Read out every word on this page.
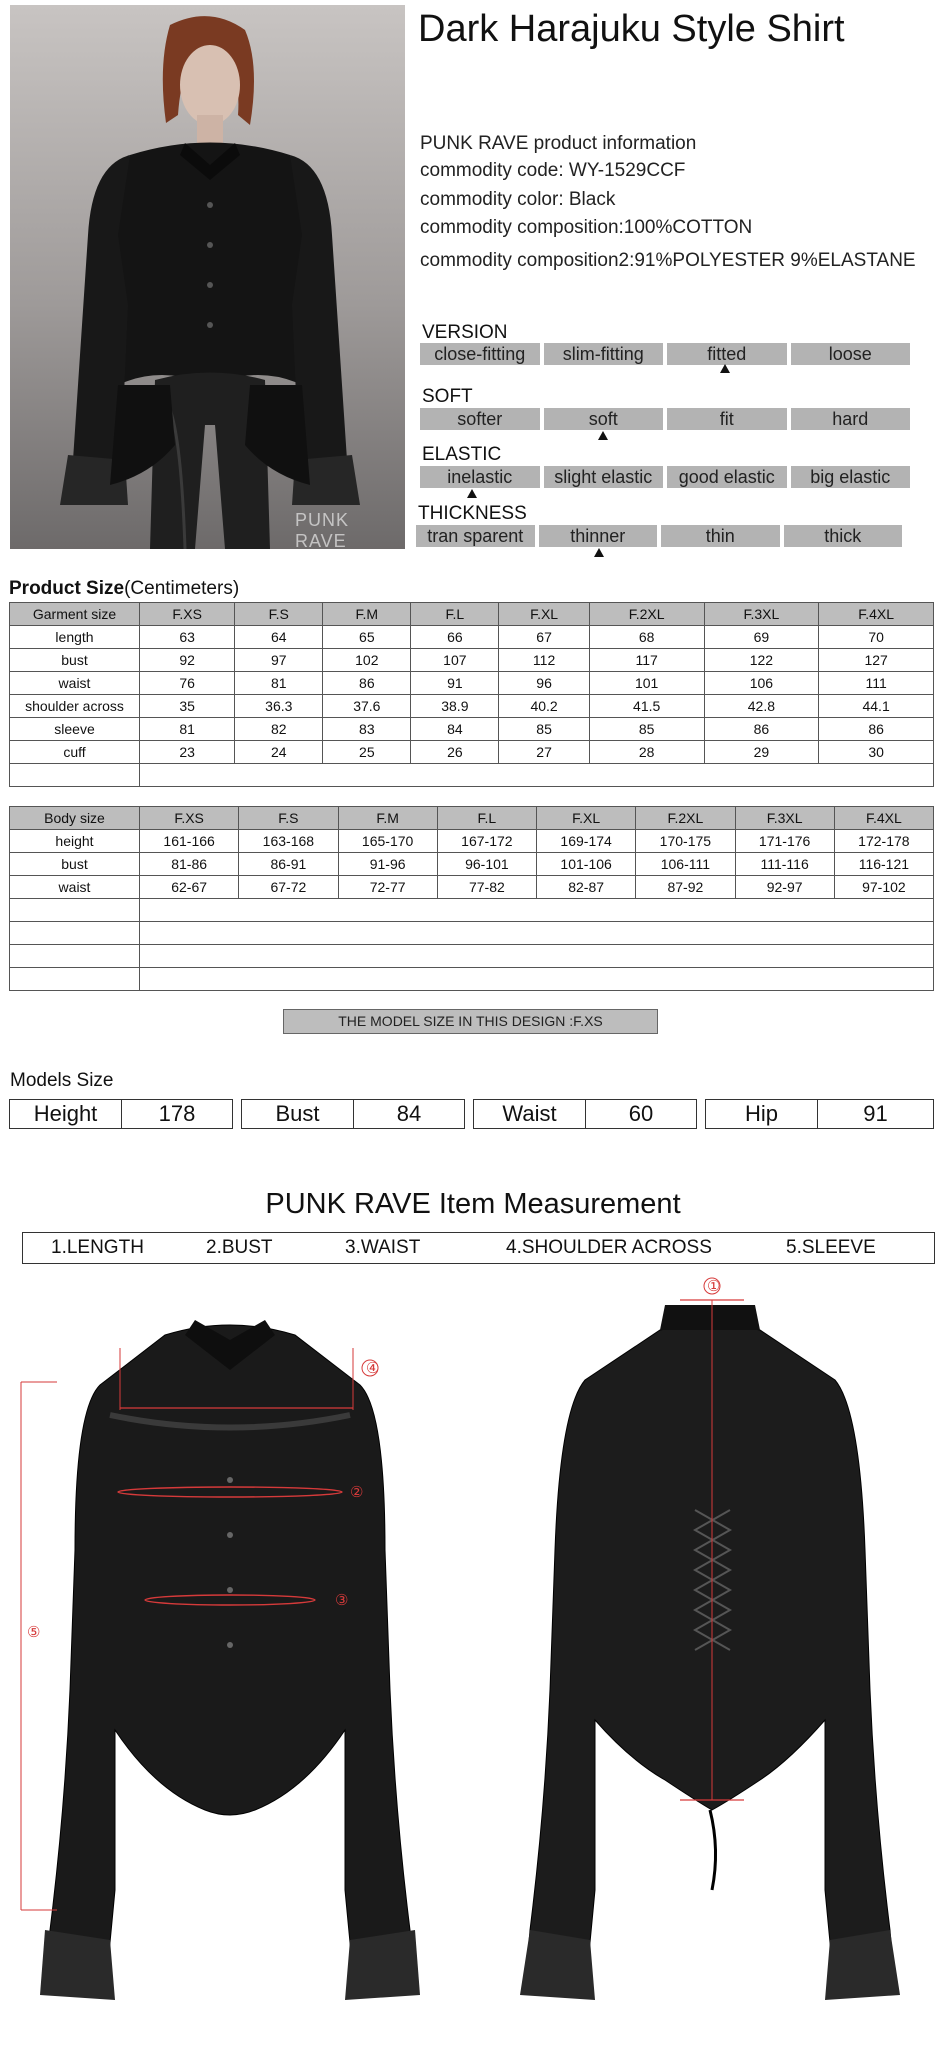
PUNK RAVE
Dark Harajuku Style Shirt
PUNK RAVE product information
commodity code: WY-1529CCF
commodity color: Black
commodity composition:100%COTTON
commodity composition2:91%POLYESTER 9%ELASTANE
VERSION
close-fitting	slim-fitting	fitted	loose
SOFT
softer	soft	fit	hard
ELASTIC
inelastic	slight elastic	good elastic	big elastic
THICKNESS
tran sparent	thinner	thin	thick
Product Size(Centimeters)
Garment size	F.XS	F.S	F.M	F.L	F.XL	F.2XL	F.3XL	F.4XL
length	63	64	65	66	67	68	69	70
bust	92	97	102	107	112	117	122	127
waist	76	81	86	91	96	101	106	111
shoulder across	35	36.3	37.6	38.9	40.2	41.5	42.8	44.1
sleeve	81	82	83	84	85	85	86	86
cuff	23	24	25	26	27	28	29	30

Body size	F.XS	F.S	F.M	F.L	F.XL	F.2XL	F.3XL	F.4XL
height	161-166	163-168	165-170	167-172	169-174	170-175	171-176	172-178
bust	81-86	86-91	91-96	96-101	101-106	106-111	111-116	116-121
waist	62-67	67-72	72-77	77-82	82-87	87-92	92-97	97-102

THE MODEL SIZE IN THIS DESIGN :F.XS
Models Size
Height	178	Bust	84	Waist	60	Hip	91
PUNK RAVE Item Measurement
1.LENGTH	2.BUST	3.WAIST	4.SHOULDER ACROSS	5.SLEEVE
④
②
③
⑤
①
